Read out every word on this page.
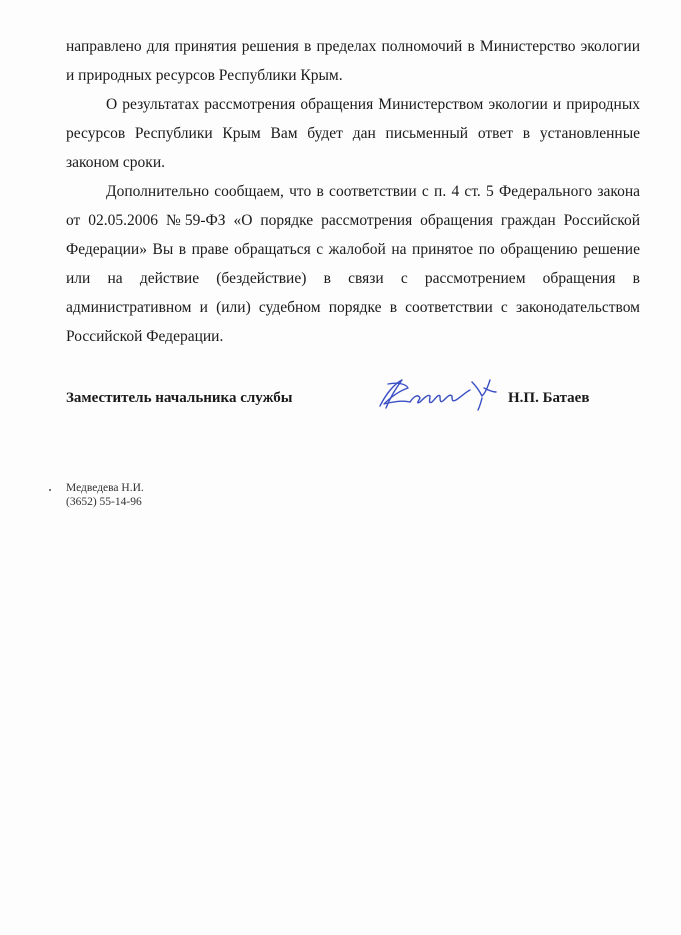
направлено для принятия решения в пределах полномочий в Министерство экологии и природных ресурсов Республики Крым.

О результатах рассмотрения обращения Министерством экологии и природных ресурсов Республики Крым Вам будет дан письменный ответ в установленные законом сроки.

Дополнительно сообщаем, что в соответствии с п. 4 ст. 5 Федерального закона от 02.05.2006 №59-ФЗ «О порядке рассмотрения обращения граждан Российской Федерации» Вы в праве обращаться с жалобой на принятое по обращению решение или на действие (бездействие) в связи с рассмотрением обращения в административном и (или) судебном порядке в соответствии с законодательством Российской Федерации.

Заместитель начальника службы	Н.П. Батаев
Медведева Н.И.
(3652) 55-14-96
